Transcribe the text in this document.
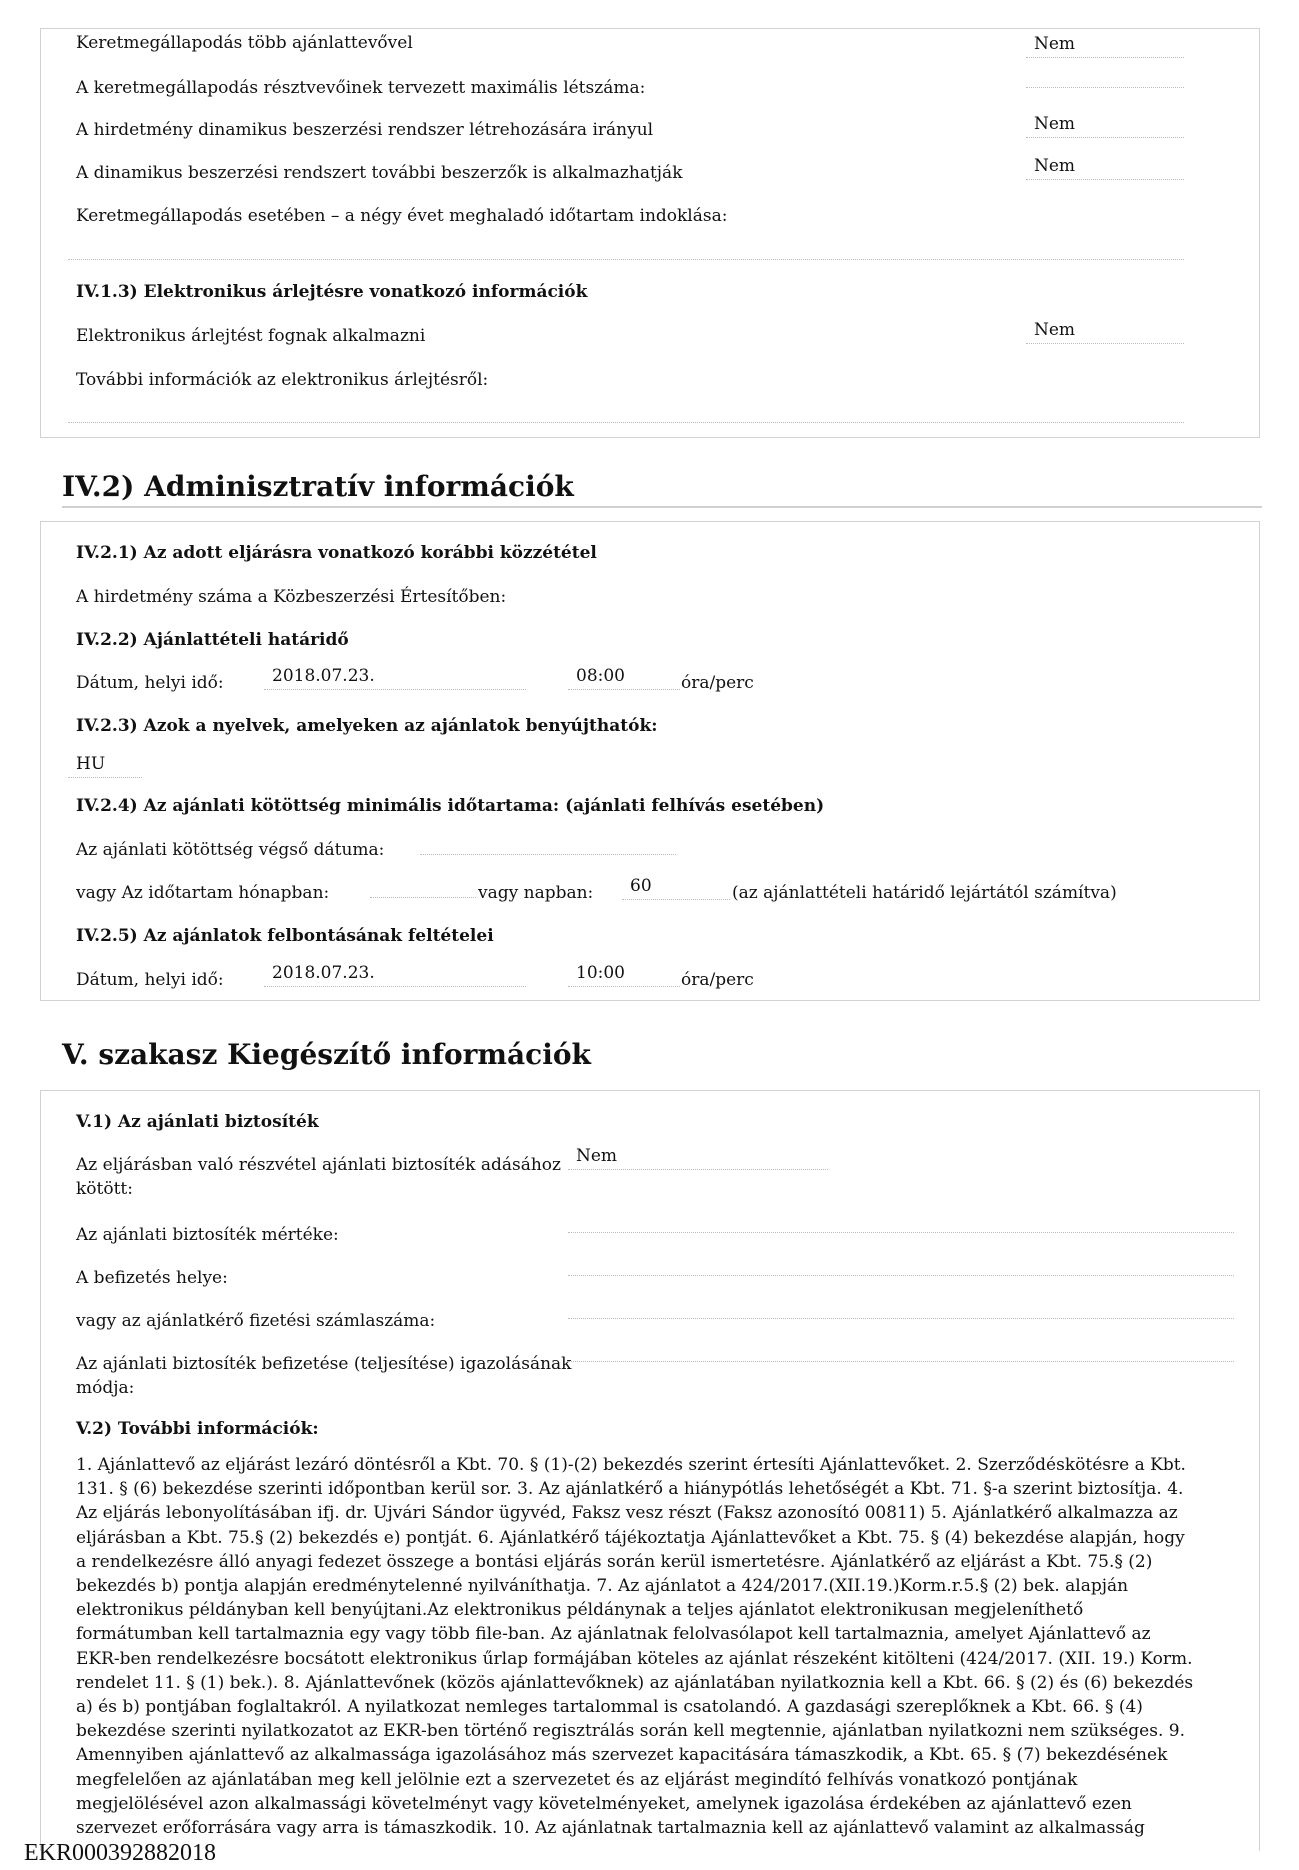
Keretmegállapodás több ajánlattevővel	Nem
A keretmegállapodás résztvevőinek tervezett maximális létszáma:
A hirdetmény dinamikus beszerzési rendszer létrehozására irányul	Nem
A dinamikus beszerzési rendszert további beszerzők is alkalmazhatják	Nem
Keretmegállapodás esetében – a négy évet meghaladó időtartam indoklása:
IV.1.3) Elektronikus árlejtésre vonatkozó információk
Elektronikus árlejtést fognak alkalmazni	Nem
További információk az elektronikus árlejtésről:
IV.2) Adminisztratív információk
IV.2.1) Az adott eljárásra vonatkozó korábbi közzététel
A hirdetmény száma a Közbeszerzési Értesítőben:
IV.2.2) Ajánlattételi határidő
Dátum, helyi idő:	2018.07.23.	08:00	óra/perc
IV.2.3) Azok a nyelvek, amelyeken az ajánlatok benyújthatók:
HU
IV.2.4) Az ajánlati kötöttség minimális időtartama: (ajánlati felhívás esetében)
Az ajánlati kötöttség végső dátuma:
vagy Az időtartam hónapban:	vagy napban:	60	(az ajánlattételi határidő lejártától számítva)
IV.2.5) Az ajánlatok felbontásának feltételei
Dátum, helyi idő:	2018.07.23.	10:00	óra/perc
V. szakasz Kiegészítő információk
V.1) Az ajánlati biztosíték
Az eljárásban való részvétel ajánlati biztosíték adásához kötött:
Nem
Az ajánlati biztosíték mértéke:
A befizetés helye:
vagy az ajánlatkérő fizetési számlaszáma:
Az ajánlati biztosíték befizetése (teljesítése) igazolásának módja:
V.2) További információk:
1. Ajánlattevő az eljárást lezáró döntésről a Kbt. 70. § (1)-(2) bekezdés szerint értesíti Ajánlattevőket. 2. Szerződéskötésre a Kbt. 131. § (6) bekezdése szerinti időpontban kerül sor. 3. Az ajánlatkérő a hiánypótlás lehetőségét a Kbt. 71. §-a szerint biztosítja. 4. Az eljárás lebonyolításában ifj. dr. Ujvári Sándor ügyvéd, Faksz vesz részt (Faksz azonosító 00811) 5. Ajánlatkérő alkalmazza az eljárásban a Kbt. 75.§ (2) bekezdés e) pontját. 6. Ajánlatkérő tájékoztatja Ajánlattevőket a Kbt. 75. § (4) bekezdése alapján, hogy a rendelkezésre álló anyagi fedezet összege a bontási eljárás során kerül ismertetésre. Ajánlatkérő az eljárást a Kbt. 75.§ (2) bekezdés b) pontja alapján eredménytelenné nyilváníthatja. 7. Az ajánlatot a 424/2017.(XII.19.)Korm.r.5.§ (2) bek. alapján elektronikus példányban kell benyújtani.Az elektronikus példánynak a teljes ajánlatot elektronikusan megjeleníthető formátumban kell tartalmaznia egy vagy több file-ban. Az ajánlatnak felolvasólapot kell tartalmaznia, amelyet Ajánlattevő az EKR-ben rendelkezésre bocsátott elektronikus űrlap formájában köteles az ajánlat részeként kitölteni (424/2017. (XII. 19.) Korm. rendelet 11. § (1) bek.). 8. Ajánlattevőnek (közös ajánlattevőknek) az ajánlatában nyilatkoznia kell a Kbt. 66. § (2) és (6) bekezdés a) és b) pontjában foglaltakról. A nyilatkozat nemleges tartalommal is csatolandó. A gazdasági szereplőknek a Kbt. 66. § (4) bekezdése szerinti nyilatkozatot az EKR-ben történő regisztrálás során kell megtennie, ajánlatban nyilatkozni nem szükséges. 9. Amennyiben ajánlattevő az alkalmassága igazolásához más szervezet kapacitására támaszkodik, a Kbt. 65. § (7) bekezdésének megfelelően az ajánlatában meg kell jelölnie ezt a szervezetet és az eljárást megindító felhívás vonatkozó pontjának megjelölésével azon alkalmassági követelményt vagy követelményeket, amelynek igazolása érdekében az ajánlattevő ezen szervezet erőforrására vagy arra is támaszkodik. 10. Az ajánlatnak tartalmaznia kell az ajánlattevő valamint az alkalmasság
EKR000392882018
